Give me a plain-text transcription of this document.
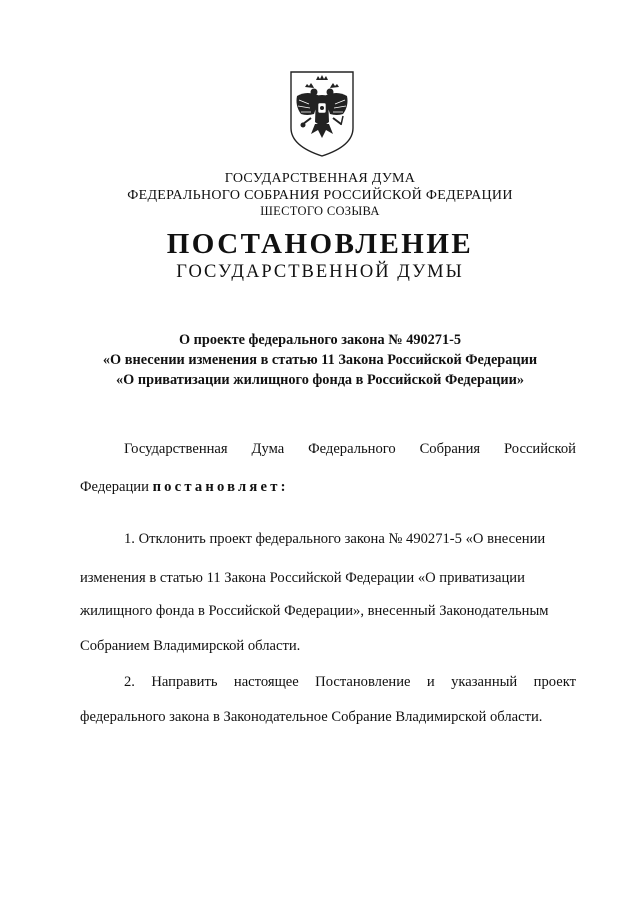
ГОСУДАРСТВЕННАЯ ДУМА
ФЕДЕРАЛЬНОГО СОБРАНИЯ РОССИЙСКОЙ ФЕДЕРАЦИИ
ШЕСТОГО СОЗЫВА
ПОСТАНОВЛЕНИЕ
ГОСУДАРСТВЕННОЙ ДУМЫ
О проекте федерального закона № 490271-5
«О внесении изменения в статью 11 Закона Российской Федерации
«О приватизации жилищного фонда в Российской Федерации»
Государственная Дума Федерального Собрания Российской
Федерации постановляет:
1. Отклонить проект федерального закона № 490271-5 «О внесении
изменения в статью 11 Закона Российской Федерации «О приватизации
жилищного фонда в Российской Федерации», внесенный Законодательным
Собранием Владимирской области.
2. Направить настоящее Постановление и указанный проект
федерального закона в Законодательное Собрание Владимирской области.
